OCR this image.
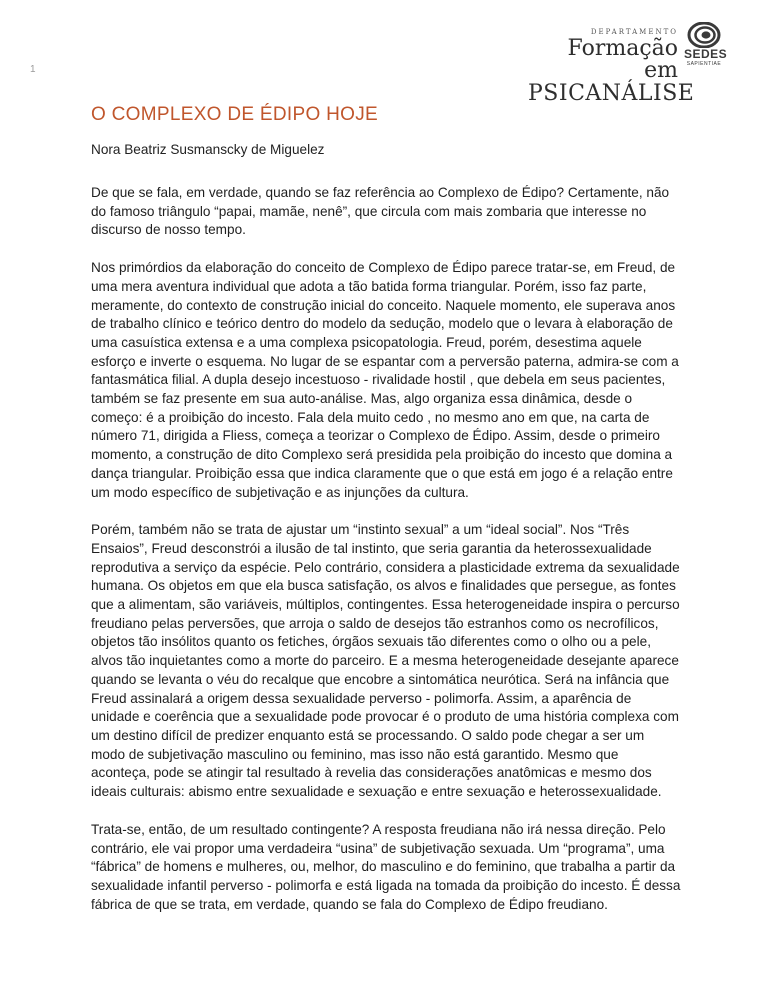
1
DEPARTAMENTO
Formação em
PSICANÁLISE
SEDES
SAPIENTIAE
O COMPLEXO DE ÉDIPO HOJE

Nora Beatriz Susmanscky de Miguelez

De que se fala, em verdade, quando se faz referência ao Complexo de Édipo? Certamente, não do famoso triângulo “papai, mamãe, nenê”, que circula com mais zombaria que interesse no discurso de nosso tempo.

Nos primórdios da elaboração do conceito de Complexo de Édipo parece tratar-se, em Freud, de uma mera aventura individual que adota a tão batida forma triangular. Porém, isso faz parte, meramente, do contexto de construção inicial do conceito. Naquele momento, ele superava anos de trabalho clínico e teórico dentro do modelo da sedução, modelo que o levara à elaboração de uma casuística extensa e a uma complexa psicopatologia. Freud, porém, desestima aquele esforço e inverte o esquema. No lugar de se espantar com a perversão paterna, admira-se com a fantasmática filial. A dupla desejo incestuoso - rivalidade hostil , que debela em seus pacientes, também se faz presente em sua auto-análise. Mas, algo organiza essa dinâmica, desde o começo: é a proibição do incesto. Fala dela muito cedo , no mesmo ano em que, na carta de número 71, dirigida a Fliess, começa a teorizar o Complexo de Édipo. Assim, desde o primeiro momento, a construção de dito Complexo será presidida pela proibição do incesto que domina a dança triangular. Proibição essa que indica claramente que o que está em jogo é a relação entre um modo específico de subjetivação e as injunções da cultura.

Porém, também não se trata de ajustar um “instinto sexual” a um “ideal social”. Nos “Três Ensaios”, Freud desconstrói a ilusão de tal instinto, que seria garantia da heterossexualidade reprodutiva a serviço da espécie. Pelo contrário, considera a plasticidade extrema da sexualidade humana. Os objetos em que ela busca satisfação, os alvos e finalidades que persegue, as fontes que a alimentam, são variáveis, múltiplos, contingentes. Essa heterogeneidade inspira o percurso freudiano pelas perversões, que arroja o saldo de desejos tão estranhos como os necrofílicos, objetos tão insólitos quanto os fetiches, órgãos sexuais tão diferentes como o olho ou a pele, alvos tão inquietantes como a morte do parceiro. E a mesma heterogeneidade desejante aparece quando se levanta o véu do recalque que encobre a sintomática neurótica. Será na infância que Freud assinalará a origem dessa sexualidade perverso - polimorfa. Assim, a aparência de unidade e coerência que a sexualidade pode provocar é o produto de uma história complexa com um destino difícil de predizer enquanto está se processando. O saldo pode chegar a ser um modo de subjetivação masculino ou feminino, mas isso não está garantido. Mesmo que aconteça, pode se atingir tal resultado à revelia das considerações anatômicas e mesmo dos ideais culturais: abismo entre sexualidade e sexuação e entre sexuação e heterossexualidade.

Trata-se, então, de um resultado contingente? A resposta freudiana não irá nessa direção. Pelo contrário, ele vai propor uma verdadeira “usina” de subjetivação sexuada. Um “programa”, uma “fábrica” de homens e mulheres, ou, melhor, do masculino e do feminino, que trabalha a partir da sexualidade infantil perverso - polimorfa e está ligada na tomada da proibição do incesto. É dessa fábrica de que se trata, em verdade, quando se fala do Complexo de Édipo freudiano.
